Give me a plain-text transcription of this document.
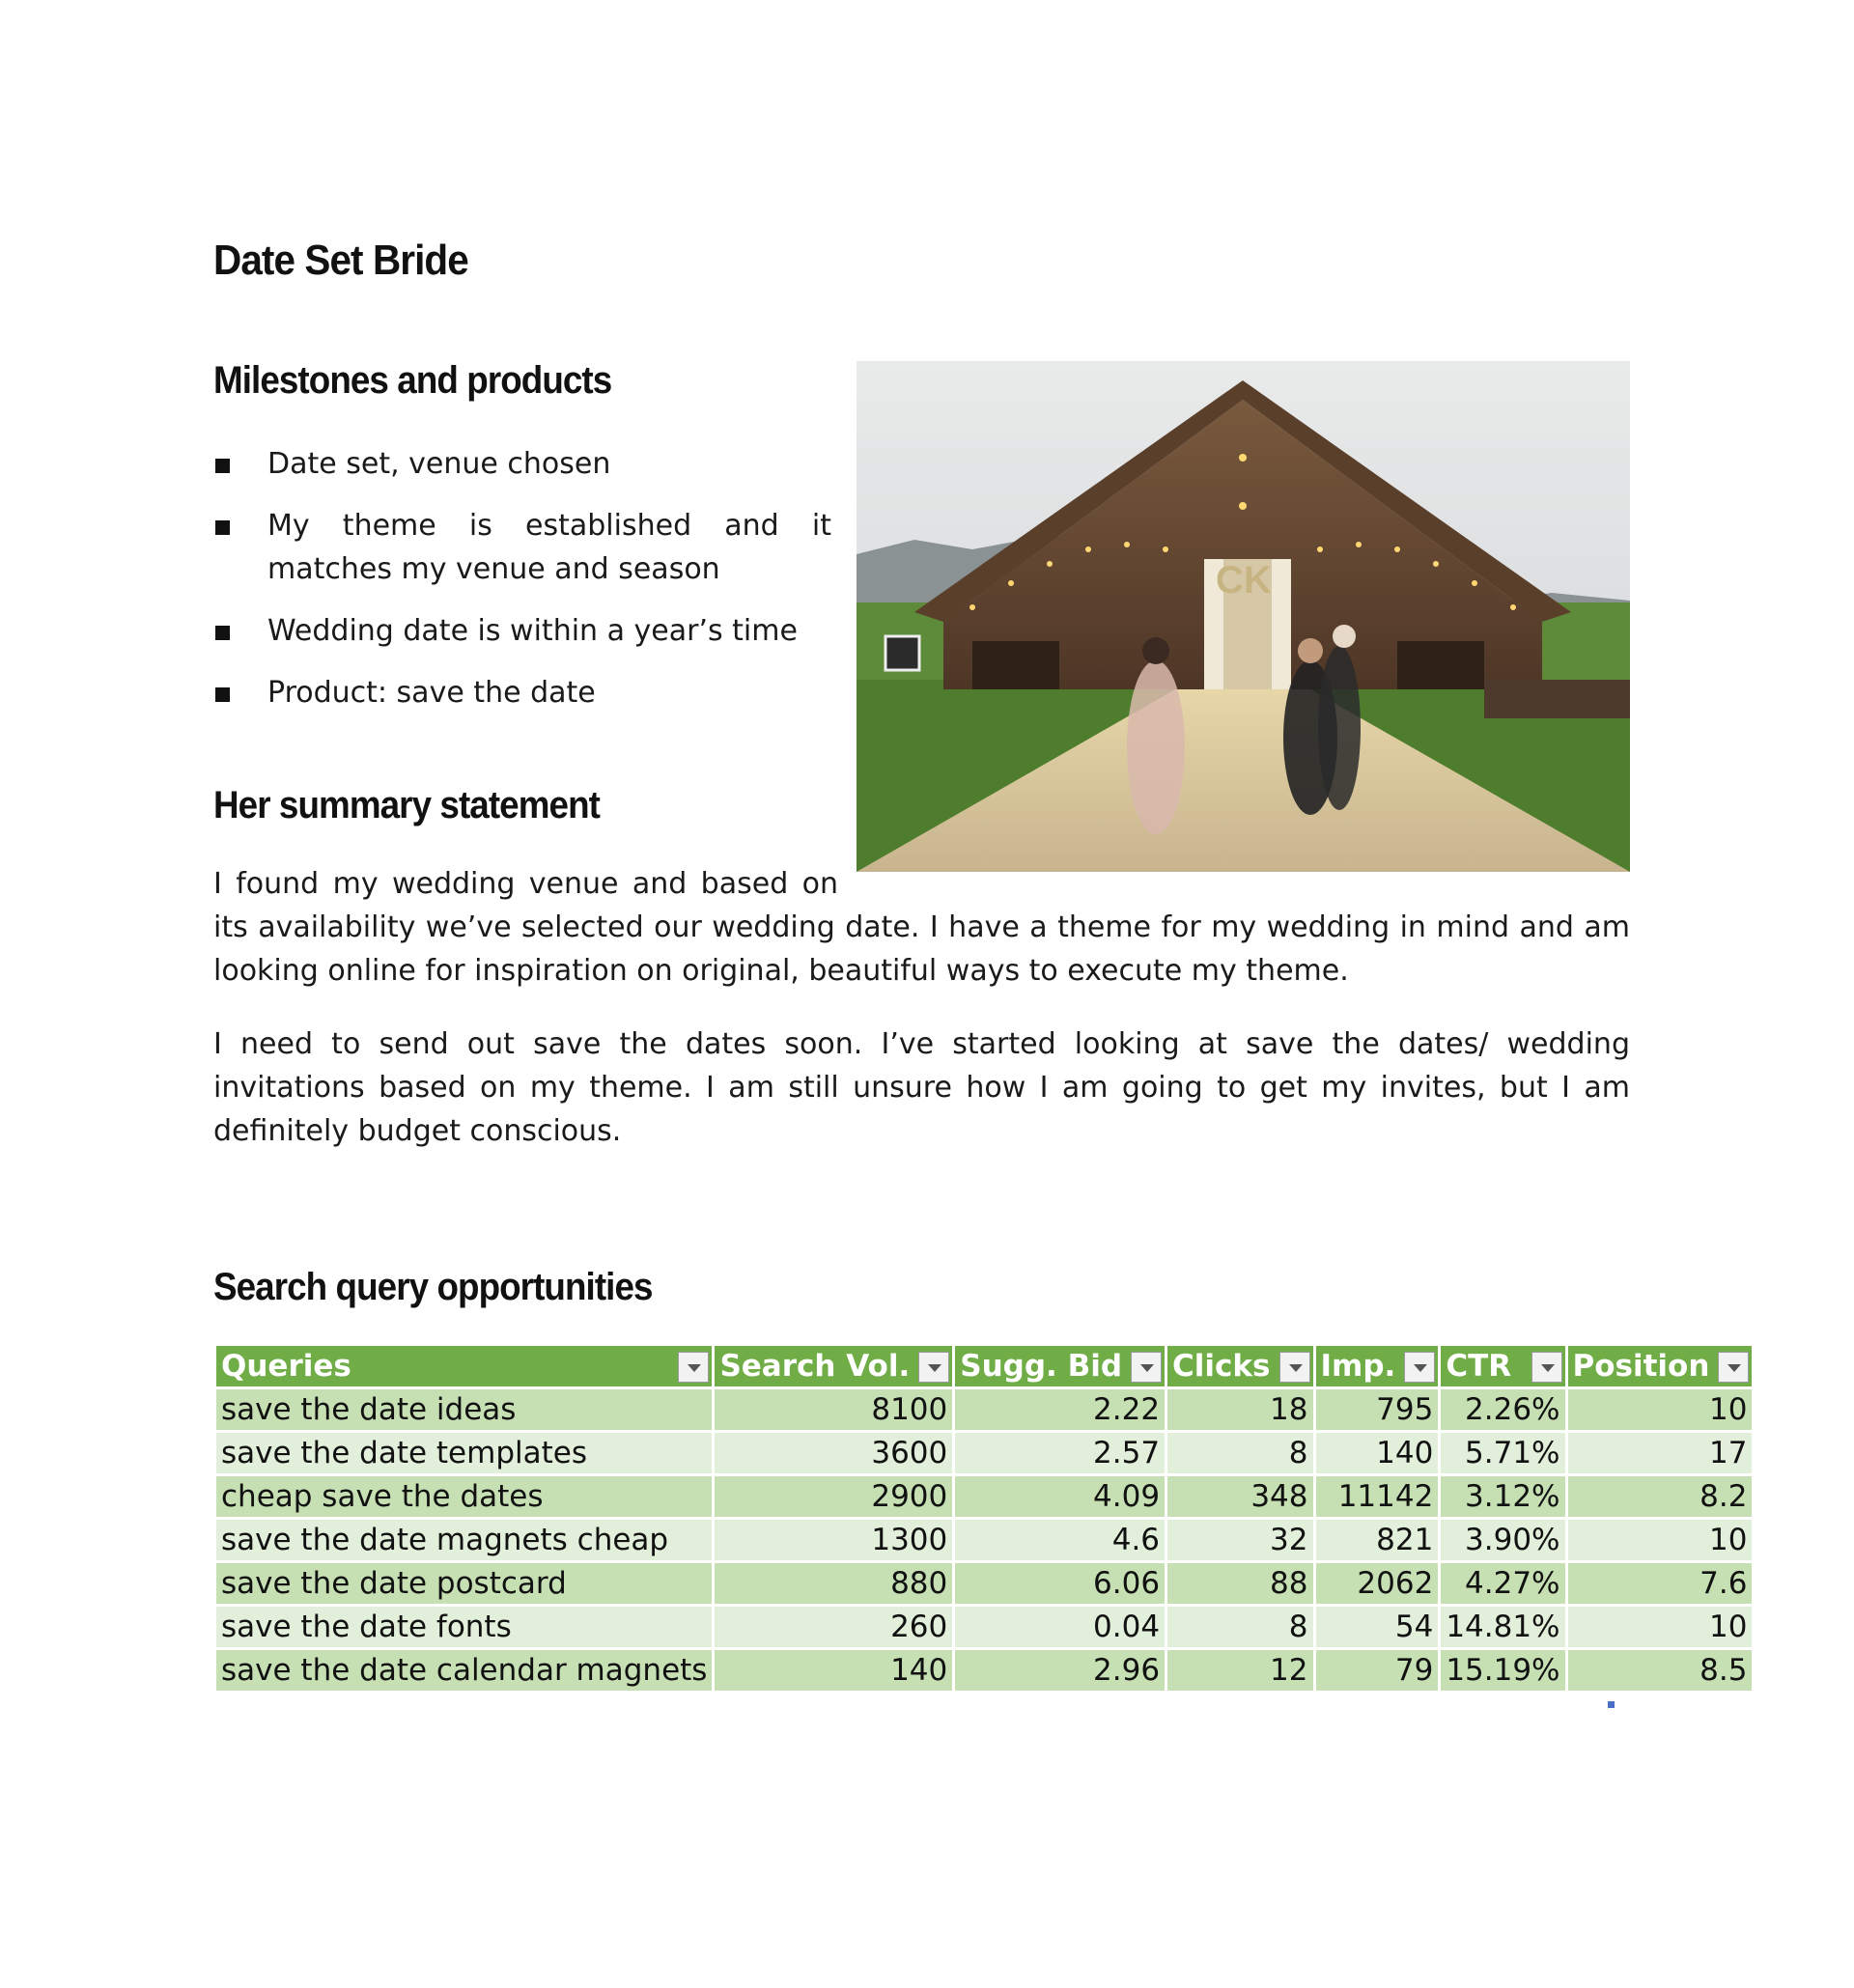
Date Set Bride
Milestones and products
Date set, venue chosen
My theme is established and it matches my venue and season
Wedding date is within a year’s time
Product: save the date
CK
Her summary statement
I found my wedding venue and based on its availability we’ve selected our wedding date. I have a theme for my wedding in mind and am looking online for inspiration on original, beautiful ways to execute my theme.

I need to send out save the dates soon. I’ve started looking at save the dates/ wedding invitations based on my theme. I am still unsure how I am going to get my invites, but I am definitely budget conscious.

Search query opportunities
Queries	Search Vol.	Sugg. Bid	Clicks	Imp.	CTR	Position

save the date ideas	8100	2.22	18	795	2.26%	10
save the date templates	3600	2.57	8	140	5.71%	17
cheap save the dates	2900	4.09	348	11142	3.12%	8.2
save the date magnets cheap	1300	4.6	32	821	3.90%	10
save the date postcard	880	6.06	88	2062	4.27%	7.6
save the date fonts	260	0.04	8	54	14.81%	10
save the date calendar magnets	140	2.96	12	79	15.19%	8.5
